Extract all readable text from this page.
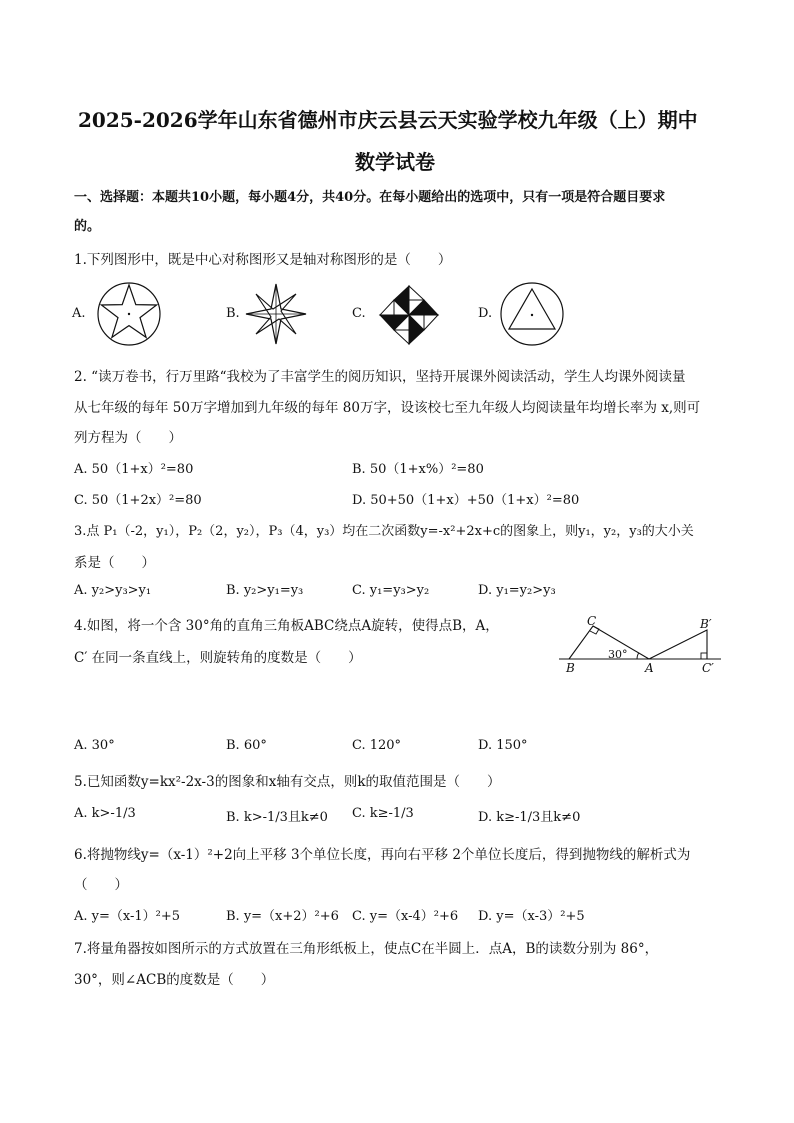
2025-2026学年山东省德州市庆云县云天实验学校九年级（上）期中
数学试卷
一、选择题：本题共10小题，每小题4分，共40分。在每小题给出的选项中，只有一项是符合题目要求
的。
1.下列图形中，既是中心对称图形又是轴对称图形的是（　　）
A.	B.	C.	D.
2. “读万卷书，行万里路“我校为了丰富学生的阅历知识，坚持开展课外阅读活动，学生人均课外阅读量
从七年级的每年 50万字增加到九年级的每年 80万字，设该校七至九年级人均阅读量年均增长率为 x,则可
列方程为（　　）
A. 50（1+x）²=80	B. 50（1+x%）²=80
C. 50（1+2x）²=80	D. 50+50（1+x）+50（1+x）²=80
3.点 P₁（-2，y₁），P₂（2，y₂），P₃（4，y₃）均在二次函数y=-x²+2x+c的图象上，则y₁，y₂，y₃的大小关
系是（　　）
A. y₂>y₃>y₁	B. y₂>y₁=y₃	C. y₁=y₃>y₂	D. y₁=y₂>y₃
4.如图，将一个含 30°角的直角三角板ABC绕点A旋转，使得点B，A，
C′ 在同一条直线上，则旋转角的度数是（　　）
C	B′
30°
B	A	C′
A. 30°	B. 60°	C. 120°	D. 150°
5.已知函数y=kx²-2x-3的图象和x轴有交点，则k的取值范围是（　　）
A. k>-1/3	B. k>-1/3且k≠0 C. k≥-1/3	D. k≥-1/3且k≠0
6.将抛物线y=（x-1）²+2向上平移 3个单位长度，再向右平移 2个单位长度后，得到抛物线的解析式为
（　　）
A. y=（x-1）²+5	B. y=（x+2）²+6 C. y=（x-4）²+6 D. y=（x-3）²+5
7.将量角器按如图所示的方式放置在三角形纸板上，使点C在半圆上．点A，B的读数分别为 86°，
30°，则∠ACB的度数是（　　）
